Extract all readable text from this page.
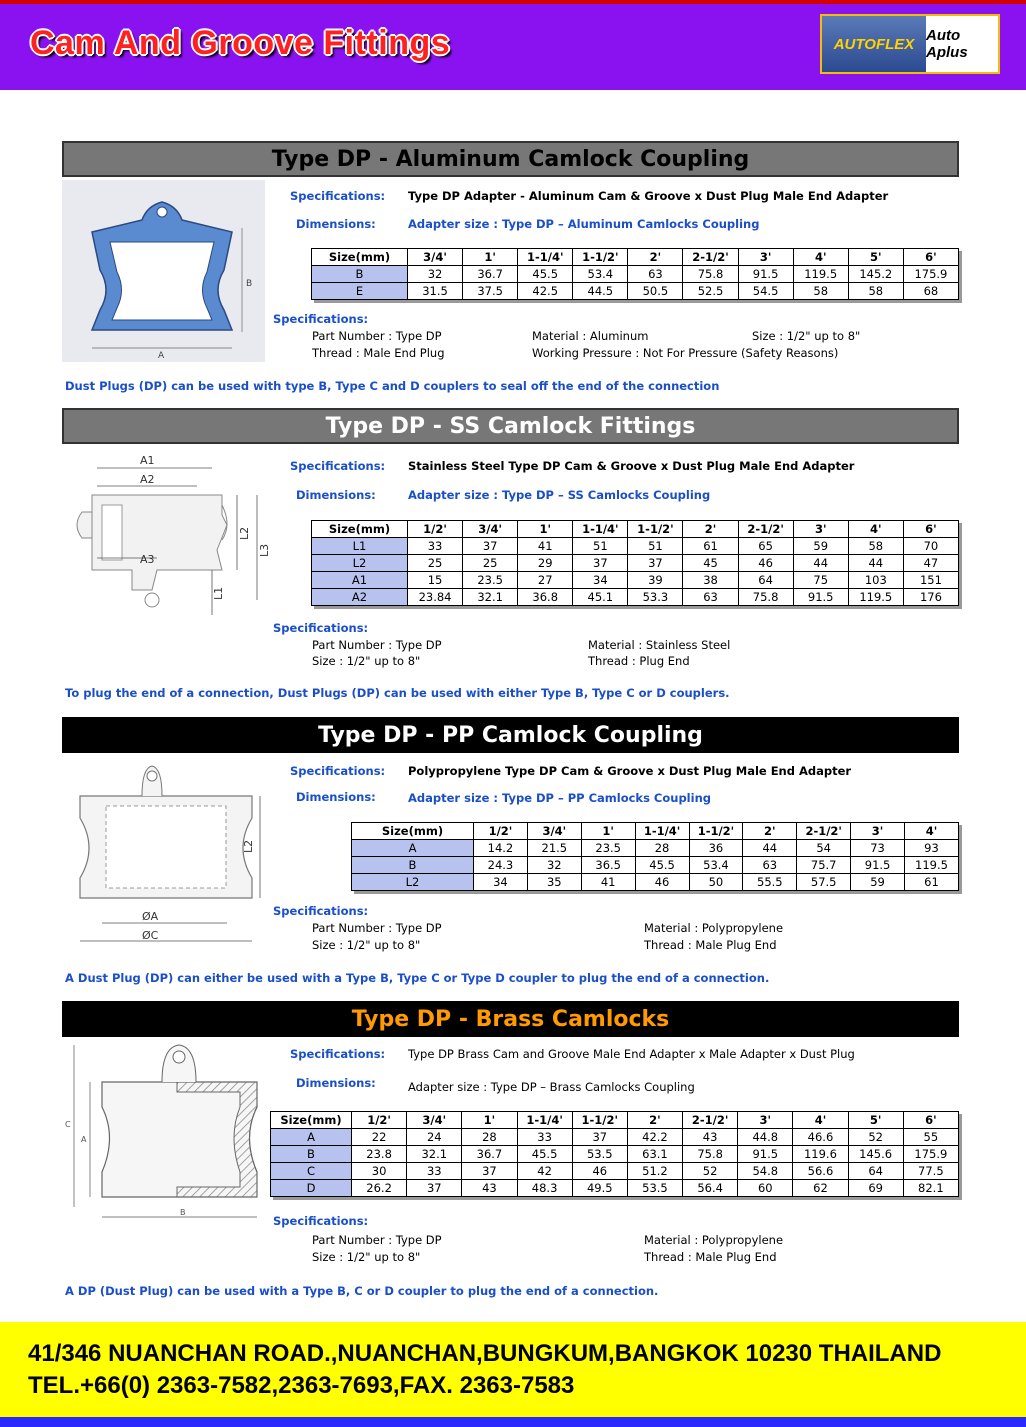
Cam And Groove Fittings	AUTOFLEX Auto Aplus
Type DP - Aluminum Camlock Coupling
B
A
Specifications: Type DP Adapter - Aluminum Cam & Groove x Dust Plug Male End Adapter
Dimensions:	Adapter size : Type DP – Aluminum Camlocks Coupling
Size(mm)	3/4'	1'	1-1/4'	1-1/2'	2'	2-1/2'	3'	4'	5'	6'
B	32	36.7	45.5	53.4	63	75.8	91.5	119.5	145.2	175.9
E	31.5	37.5	42.5	44.5	50.5	52.5	54.5	58	58	68
Specifications:
Part Number : Type DP	Material : Aluminum	Size : 1/2" up to 8"
Thread : Male End Plug	Working Pressure : Not For Pressure (Safety Reasons)
Dust Plugs (DP) can be used with type B, Type C and D couplers to seal off the end of the connection
Type DP - SS Camlock Fittings
A1
A2
A3
L2
L3
L1
Specifications: Stainless Steel Type DP Cam & Groove x Dust Plug Male End Adapter
Dimensions:	Adapter size : Type DP – SS Camlocks Coupling
Size(mm)	1/2'	3/4'	1'	1-1/4'	1-1/2'	2'	2-1/2'	3'	4'	6'
L1	33	37	41	51	51	61	65	59	58	70
L2	25	25	29	37	37	45	46	44	44	47
A1	15	23.5	27	34	39	38	64	75	103	151
A2	23.84	32.1	36.8	45.1	53.3	63	75.8	91.5	119.5	176
Specifications:
Part Number : Type DP	Material : Stainless Steel
Size : 1/2" up to 8"	Thread : Plug End
To plug the end of a connection, Dust Plugs (DP) can be used with either Type B, Type C or D couplers.
Type DP - PP Camlock Coupling
L2
ØA
ØC
Specifications: Polypropylene Type DP Cam & Groove x Dust Plug Male End Adapter
Dimensions:	Adapter size : Type DP – PP Camlocks Coupling
Size(mm)	1/2'	3/4'	1'	1-1/4'	1-1/2'	2'	2-1/2'	3'	4'
A	14.2	21.5	23.5	28	36	44	54	73	93
B	24.3	32	36.5	45.5	53.4	63	75.7	91.5	119.5
L2	34	35	41	46	50	55.5	57.5	59	61
Specifications:
Part Number : Type DP	Material : Polypropylene
Size : 1/2" up to 8"	Thread : Male Plug End
A Dust Plug (DP) can either be used with a Type B, Type C or Type D coupler to plug the end of a connection.
Type DP - Brass Camlocks
C
A
B
Specifications: Type DP Brass Cam and Groove Male End Adapter x Male Adapter x Dust Plug
Dimensions:	Adapter size : Type DP – Brass Camlocks Coupling
Size(mm)	1/2'	3/4'	1'	1-1/4'	1-1/2'	2'	2-1/2'	3'	4'	5'	6'
A	22	24	28	33	37	42.2	43	44.8	46.6	52	55
B	23.8	32.1	36.7	45.5	53.5	63.1	75.8	91.5	119.6	145.6	175.9
C	30	33	37	42	46	51.2	52	54.8	56.6	64	77.5
D	26.2	37	43	48.3	49.5	53.5	56.4	60	62	69	82.1
Specifications:
Part Number : Type DP	Material : Polypropylene
Size : 1/2" up to 8"	Thread : Male Plug End
A DP (Dust Plug) can be used with a Type B, C or D coupler to plug the end of a connection.
41/346 NUANCHAN ROAD.,NUANCHAN,BUNGKUM,BANGKOK 10230 THAILAND
TEL.+66(0) 2363-7582,2363-7693,FAX. 2363-7583
